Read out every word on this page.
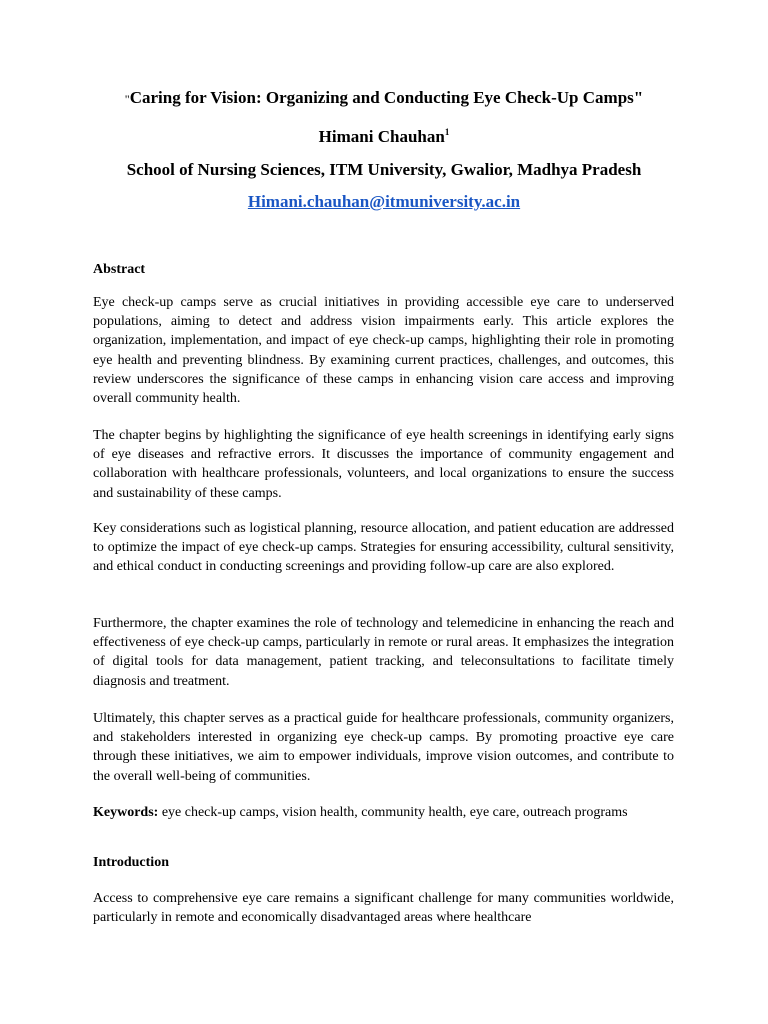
"Caring for Vision: Organizing and Conducting Eye Check-Up Camps"
Himani Chauhan$^1$
School of Nursing Sciences, ITM University, Gwalior, Madhya Pradesh
Himani.chauhan@itmuniversity.ac.in

Abstract

Eye check-up camps serve as crucial initiatives in providing accessible eye care to underserved populations, aiming to detect and address vision impairments early. This article explores the organization, implementation, and impact of eye check-up camps, highlighting their role in promoting eye health and preventing blindness. By examining current practices, challenges, and outcomes, this review underscores the significance of these camps in enhancing vision care access and improving overall community health.

The chapter begins by highlighting the significance of eye health screenings in identifying early signs of eye diseases and refractive errors. It discusses the importance of community engagement and collaboration with healthcare professionals, volunteers, and local organizations to ensure the success and sustainability of these camps.

Key considerations such as logistical planning, resource allocation, and patient education are addressed to optimize the impact of eye check-up camps. Strategies for ensuring accessibility, cultural sensitivity, and ethical conduct in conducting screenings and providing follow-up care are also explored.

Furthermore, the chapter examines the role of technology and telemedicine in enhancing the reach and effectiveness of eye check-up camps, particularly in remote or rural areas. It emphasizes the integration of digital tools for data management, patient tracking, and teleconsultations to facilitate timely diagnosis and treatment.

Ultimately, this chapter serves as a practical guide for healthcare professionals, community organizers, and stakeholders interested in organizing eye check-up camps. By promoting proactive eye care through these initiatives, we aim to empower individuals, improve vision outcomes, and contribute to the overall well-being of communities.

Keywords: eye check-up camps, vision health, community health, eye care, outreach programs

Introduction

Access to comprehensive eye care remains a significant challenge for many communities worldwide, particularly in remote and economically disadvantaged areas where healthcare
